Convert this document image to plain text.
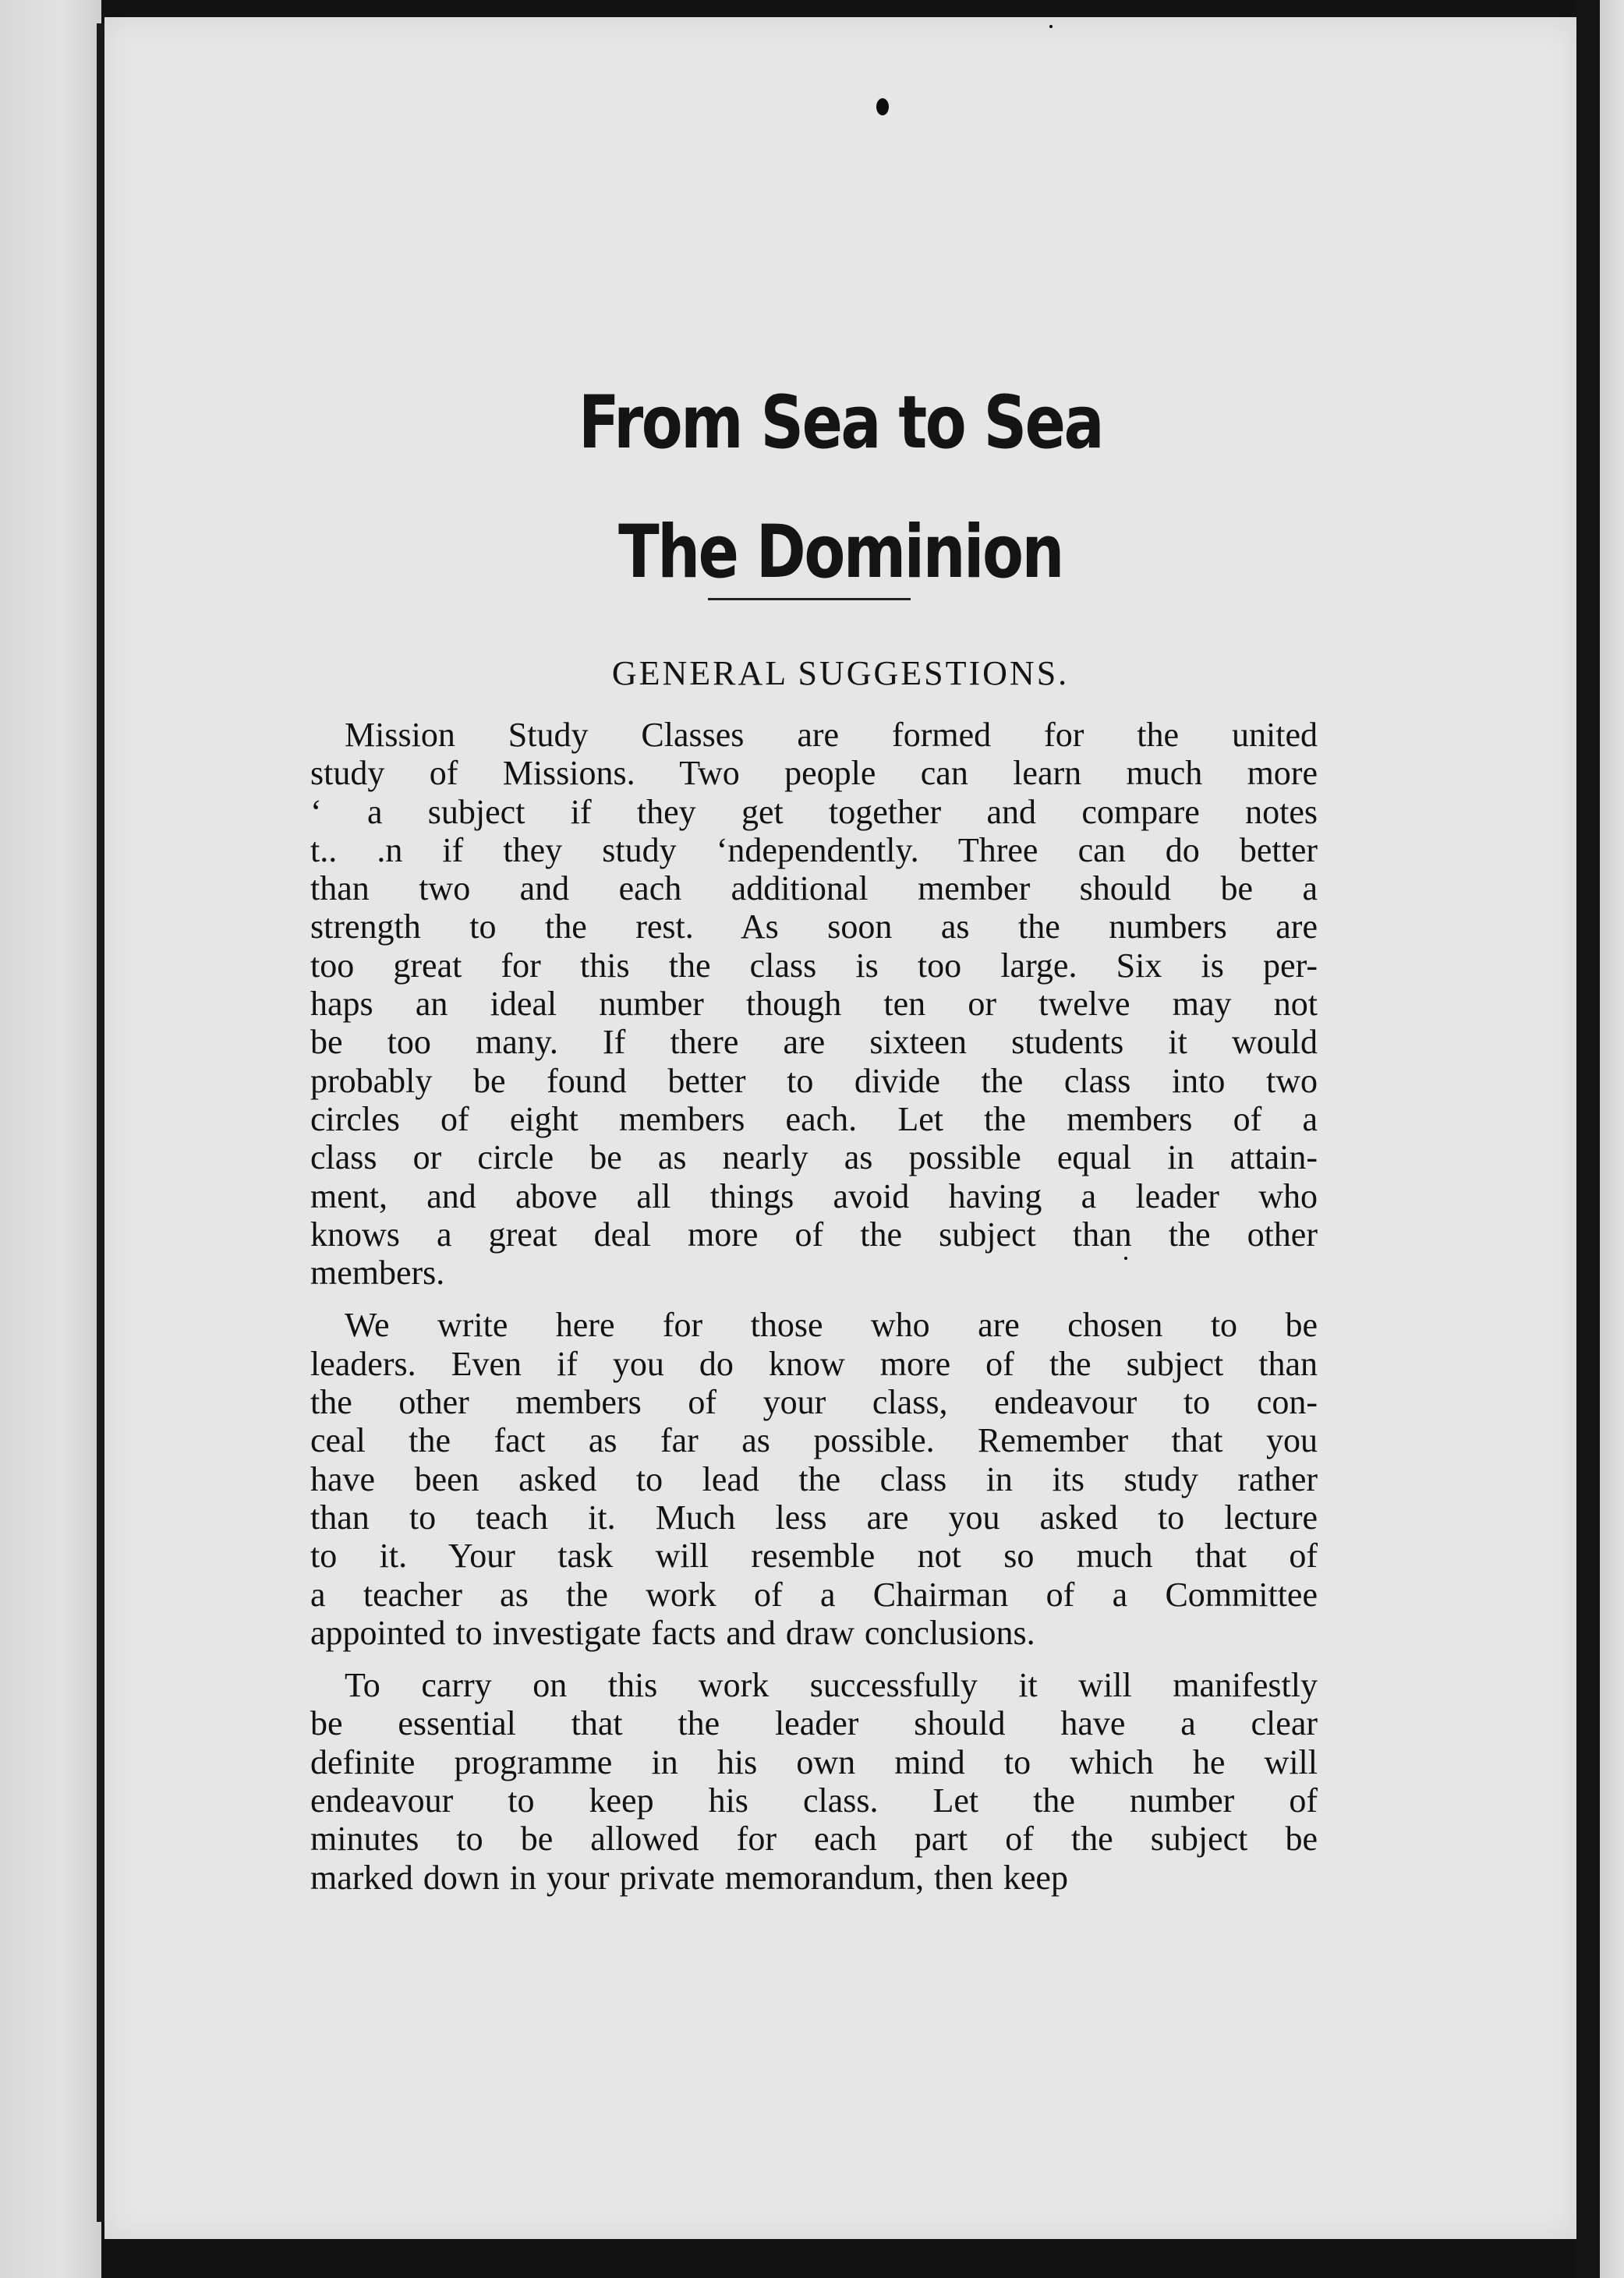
From Sea to Sea

The Dominion

GENERAL SUGGESTIONS.

Mission Study Classes are formed for the united
study of Missions. Two people can learn much more
‘ a subject if they get together and compare notes
t.. .n if they study ‘ndependently. Three can do better
than two and each additional member should be a
strength to the rest. As soon as the numbers are
too great for this the class is too large. Six is per-
haps an ideal number though ten or twelve may not
be too many. If there are sixteen students it would
probably be found better to divide the class into two
circles of eight members each. Let the members of a
class or circle be as nearly as possible equal in attain-
ment, and above all things avoid having a leader who
knows a great deal more of the subject than the other
members.
We write here for those who are chosen to be
leaders. Even if you do know more of the subject than
the other members of your class, endeavour to con-
ceal the fact as far as possible. Remember that you
have been asked to lead the class in its study rather
than to teach it. Much less are you asked to lecture
to it. Your task will resemble not so much that of
a teacher as the work of a Chairman of a Committee
appointed to investigate facts and draw conclusions.
To carry on this work successfully it will manifestly
be essential that the leader should have a clear
definite programme in his own mind to which he will
endeavour to keep his class. Let the number of
minutes to be allowed for each part of the subject be
marked down in your private memorandum, then keep
